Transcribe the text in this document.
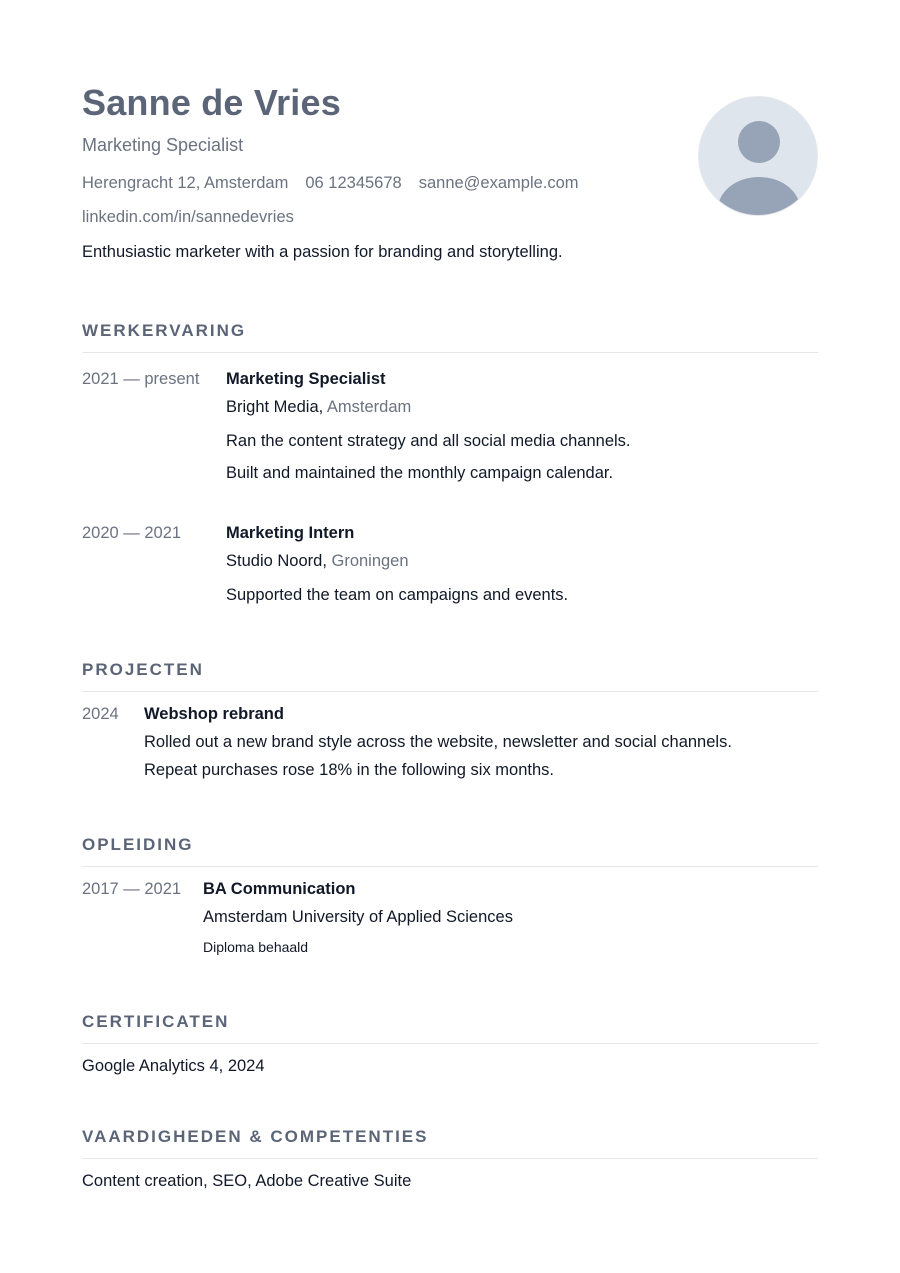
Sanne de Vries
Marketing Specialist
Herengracht 12, Amsterdam 06 12345678 sanne@example.com
linkedin.com/in/sannedevries
Enthusiastic marketer with a passion for branding and storytelling.
WERKERVARING
2021 — present	Marketing Specialist
Bright Media, Amsterdam
Ran the content strategy and all social media channels.
Built and maintained the monthly campaign calendar.
2020 — 2021	Marketing Intern
Studio Noord, Groningen
Supported the team on campaigns and events.
PROJECTEN
2024	Webshop rebrand
Rolled out a new brand style across the website, newsletter and social channels.
Repeat purchases rose 18% in the following six months.
OPLEIDING
2017 — 2021	BA Communication
Amsterdam University of Applied Sciences
Diploma behaald
CERTIFICATEN
Google Analytics 4, 2024
VAARDIGHEDEN & COMPETENTIES
Content creation, SEO, Adobe Creative Suite
